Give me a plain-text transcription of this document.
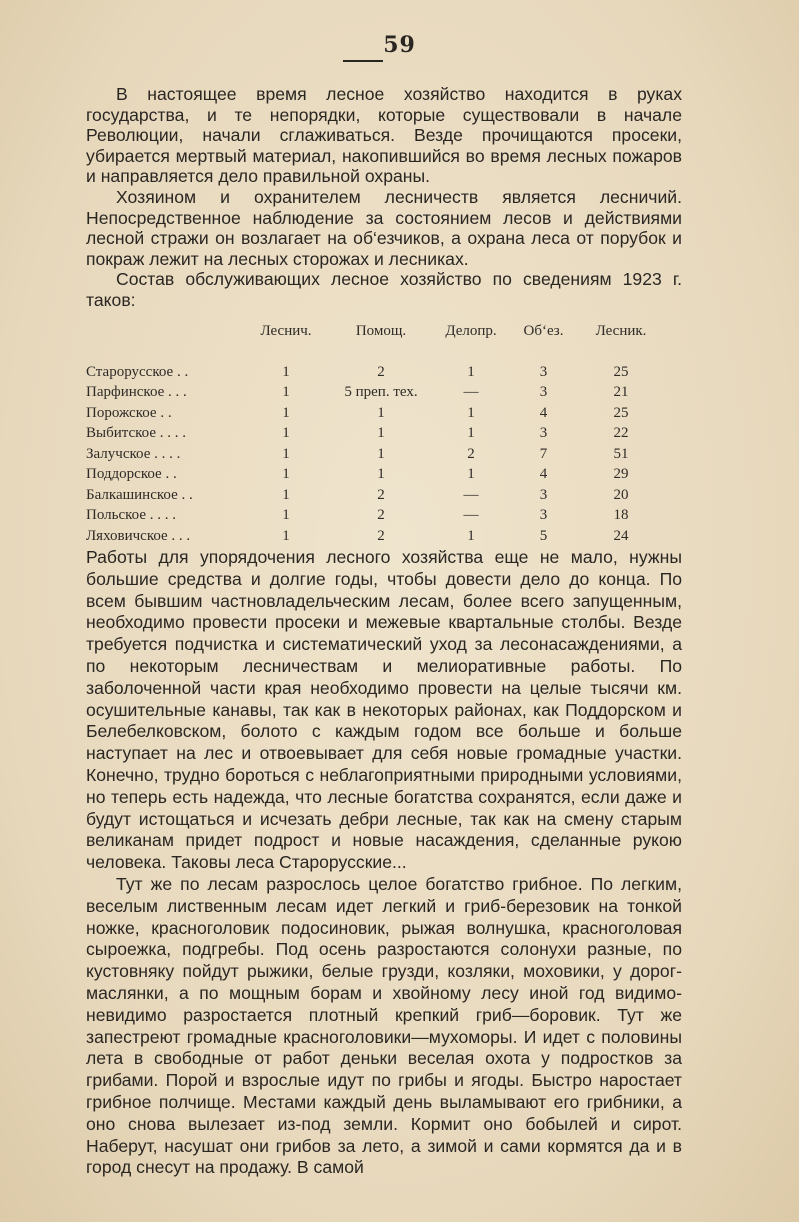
59

В настоящее время лесное хозяйство находится в руках государства, и те непорядки, которые существовали в начале Революции, начали сглаживаться. Везде прочищаются просеки, убирается мертвый материал, накопившийся во время лесных пожаров и направляется дело правильной охраны.

Хозяином и охранителем лесничеств является лесничий. Непосредственное наблюдение за состоянием лесов и действиями лесной стражи он возлагает на об‘езчиков, а охрана леса от порубок и покраж лежит на лесных сторожах и лесниках.

Состав обслуживающих лесное хозяйство по сведениям 1923 г. таков:

	Леснич.	Помощ.	Делопр.	Об‘ез.	Лесник.
Старорусское . .	1	2	1	3	25
Парфинское . . .	1	5 преп. тех.	—	3	21
Порожское . .	1	1	1	4	25
Выбитское . . . .	1	1	1	3	22
Залучское . . . .	1	1	2	7	51
Поддорское . .	1	1	1	4	29
Балкашинское . .	1	2	—	3	20
Польское . . . .	1	2	—	3	18
Ляховичское . . .	1	2	1	5	24

Работы для упорядочения лесного хозяйства еще не мало, нужны большие средства и долгие годы, чтобы довести дело до конца. По всем бывшим частновладельческим лесам, более всего запущенным, необходимо провести просеки и межевые квартальные столбы. Везде требуется подчистка и систематический уход за лесонасаждениями, а по некоторым лесничествам и мелиоративные работы. По заболоченной части края необходимо провести на целые тысячи км. осушительные канавы, так как в некоторых районах, как Поддорском и Белебелковском, болото с каждым годом все больше и больше наступает на лес и отвоевывает для себя новые громадные участки. Конечно, трудно бороться с неблагоприятными природными условиями, но теперь есть надежда, что лесные богатства сохранятся, если даже и будут истощаться и исчезать дебри лесные, так как на смену старым великанам придет подрост и новые насаждения, сделанные рукою человека. Таковы леса Старорусские...

Тут же по лесам разрослось целое богатство грибное. По легким, веселым лиственным лесам идет легкий и гриб-березовик на тонкой ножке, красноголовик подосиновик, рыжая волнушка, красноголовая сыроежка, подгребы. Под осень разростаются солонухи разные, по кустовняку пойдут рыжики, белые грузди, козляки, моховики, у дорог-маслянки, а по мощным борам и хвойному лесу иной год видимо-невидимо разростается плотный крепкий гриб—боровик. Тут же запестреют громадные красноголовики—мухоморы. И идет с половины лета в свободные от работ деньки веселая охота у подростков за грибами. Порой и взрослые идут по грибы и ягоды. Быстро наростает грибное полчище. Местами каждый день выламывают его грибники, а оно снова вылезает из-под земли. Кормит оно бобылей и сирот. Наберут, насушат они грибов за лето, а зимой и сами кормятся да и в город снесут на продажу. В самой
